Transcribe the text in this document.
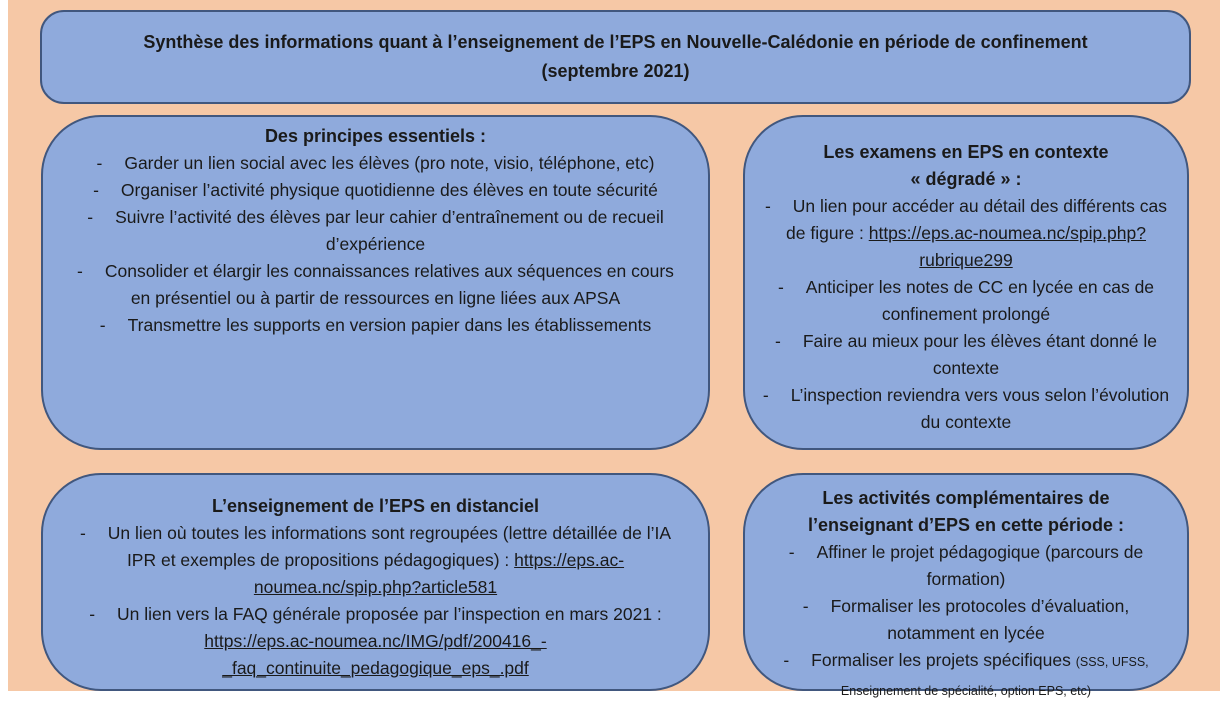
Synthèse des informations quant à l’enseignement de l’EPS en Nouvelle-Calédonie en période de confinement
(septembre 2021)
Des principes essentiels :
- Garder un lien social avec les élèves (pro note, visio, téléphone, etc)
- Organiser l’activité physique quotidienne des élèves en toute sécurité
- Suivre l’activité des élèves par leur cahier d’entraînement ou de recueil d’expérience
- Consolider et élargir les connaissances relatives aux séquences en cours en présentiel ou à partir de ressources en ligne liées aux APSA
- Transmettre les supports en version papier dans les établissements
Les examens en EPS en contexte
« dégradé » :
- Un lien pour accéder au détail des différents cas de figure : https://eps.ac-noumea.nc/spip.php?rubrique299
- Anticiper les notes de CC en lycée en cas de confinement prolongé
- Faire au mieux pour les élèves étant donné le contexte
- L’inspection reviendra vers vous selon l’évolution du contexte
L’enseignement de l’EPS en distanciel
- Un lien où toutes les informations sont regroupées (lettre détaillée de l’IA IPR et exemples de propositions pédagogiques) : https://eps.ac-noumea.nc/spip.php?article581
- Un lien vers la FAQ générale proposée par l’inspection en mars 2021 : https://eps.ac-noumea.nc/IMG/pdf/200416_-_faq_continuite_pedagogique_eps_.pdf
Les activités complémentaires de
l’enseignant d’EPS en cette période :
- Affiner le projet pédagogique (parcours de formation)
- Formaliser les protocoles d’évaluation, notamment en lycée
- Formaliser les projets spécifiques (SSS, UFSS, Enseignement de spécialité, option EPS, etc)
